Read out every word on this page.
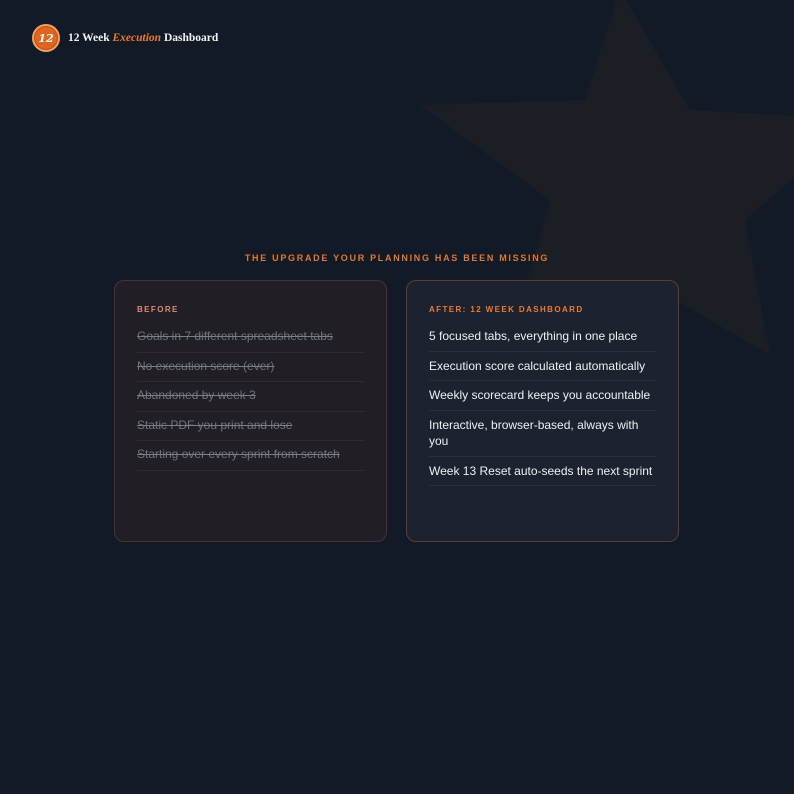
12	12 Week Execution Dashboard
THE UPGRADE YOUR PLANNING HAS BEEN MISSING
BEFORE
Goals in 7 different spreadsheet tabs
No execution score (ever)
Abandoned by week 3
Static PDF you print and lose
Starting over every sprint from scratch
AFTER: 12 WEEK DASHBOARD
5 focused tabs, everything in one place
Execution score calculated automatically
Weekly scorecard keeps you accountable
Interactive, browser-based, always with you
Week 13 Reset auto-seeds the next sprint
